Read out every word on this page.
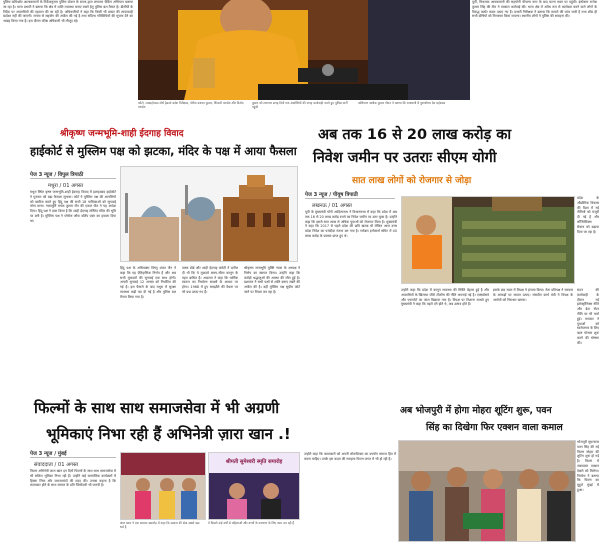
पुलिस कमिश्नरेट आलाकमानों के निर्देशानुसार पुलिस स्टेशन के स्टाफ द्वारा लगातार चेकिंग अभियान चलाया जा रहा है। थाना प्रभारी ने बताया कि क्षेत्र में शांति व्यवस्था बनाए रखने हेतु पुलिस बल तैनात है। डीसीपी के निर्देश पर अपराधियों की पहचान की जा रही है। अधिकारियों ने कहा कि किसी भी प्रकार की लापरवाही बर्दाश्त नहीं की जाएगी। जनता से सहयोग की अपील की गई है तथा संदिग्ध गतिविधियों की सूचना देने का आग्रह किया गया है। इस दौरान वरिष्ठ अधिकारी भी मौजूद रहे।
फोटो, राममहोत्सव नोर्थ हेडवर्ट प्रदेश निरीक्षक, योगेश कश्यप कुमार, शिवानी पाण्डेय और विनोद पाण्डेय
कुमार को लगातार सत्रह दिनों तक आदोलियों की जगह कार्यवाही करते हुए पुलिस पार्टी पहुंची
कलियाण अलोक कुमार गोपन ने बताया कि राजधानी में पुरूषोत्तम देव महोत्सव
पूर्वी, मिथलाव आयकमानों की सहयोगी पीपल्स वगर के बाद घटना स्थल पर पहुंची। इंस्पेक्टर राजेश कुमार सिंह की टीम ने तत्काल कार्रवाई की। थाना क्षेत्र में अवैध रूप से कारोबार करने वाले लोगों के विरुद्ध कठोर कदम उठाए गए हैं। प्रभारी निरीक्षक ने बताया कि मामले की जांच जारी है तथा शीघ्र ही सभी दोषियों को गिरफ्तार किया जाएगा। स्थानीय लोगों ने पुलिस की सराहना की।
श्रीकृष्ण जन्मभूमि-शाही ईदगाह विवाद
हाईकोर्ट से मुस्लिम पक्ष को झटका, मंदिर के पक्ष में आया फैसला
पेज 3 न्यूज / विपुल त्रिपाठी
मथुरा / 01 अगस्त
मथुरा स्थित कृष्ण जन्मभूमि-शाही ईदगाह विवाद में इलाहाबाद हाईकोर्ट ने गुरुवार को बड़ा फैसला सुनाया। कोर्ट ने मुस्लिम पक्ष की आपत्तियों को खारिज करते हुए हिंदू पक्ष की सभी 18 याचिकाओं को सुनवाई योग्य माना। न्यायमूर्ति मयंक कुमार जैन की एकल पीठ ने यह आदेश दिया। हिंदू पक्ष ने दावा किया है कि शाही ईदगाह मस्जिद मंदिर की भूमि पर बनी है। मुस्लिम पक्ष ने प्लेसेज ऑफ वर्शिप एक्ट का हवाला दिया था।
हिंदू पक्ष के अधिवक्ता विष्णु शंकर जैन ने कहा कि यह ऐतिहासिक निर्णय है और अब सभी मुकदमों की सुनवाई एक साथ होगी। अगली सुनवाई 12 अगस्त को निर्धारित की गई है। इस फैसले के बाद मथुरा में सुरक्षा व्यवस्था कड़ी कर दी गई है और पुलिस बल तैनात किया गया है।
वक्फ बोर्ड और शाही ईदगाह कमेटी ने दलील दी थी कि ये मुकदमे समय-सीमा कानून के तहत बाधित हैं। अदालत ने कहा कि धार्मिक स्वरूप का निर्धारण साक्ष्यों के आधार पर होगा। 1968 में हुए समझौते की वैधता पर भी प्रश्न उठाए गए हैं।
श्रीकृष्ण जन्मभूमि मुक्ति न्यास के अध्यक्ष ने निर्णय का स्वागत किया। उन्होंने कहा कि करोड़ों श्रद्धालुओं की आस्था की जीत हुई है। प्रशासन ने सभी पक्षों से शांति बनाए रखने की अपील की है। वहीं मुस्लिम पक्ष सुप्रीम कोर्ट जाने पर विचार कर रहा है।
अब तक 16 से 20 लाख करोड़ का
निवेश जमीन पर उतराः सीएम योगी
सात लाख लोगों को रोजगार से जोड़ा
पेज 3 न्यूज / पीयूष त्रिपाठी
लखनऊ / 01 अगस्त
यूपी के मुख्यमंत्री योगी आदित्यनाथ ने विधानसभा में कहा कि प्रदेश में अब तक 16 से 20 लाख करोड़ रुपये का निवेश जमीन पर उतर चुका है। उन्होंने कहा कि इससे सात लाख से अधिक युवाओं को रोजगार मिला है। मुख्यमंत्री ने कहा कि 2017 से पहले प्रदेश की छवि खराब थी लेकिन आज उत्तर प्रदेश निवेश का पसंदीदा गंतव्य बन गया है। ग्लोबल इन्वेस्टर्स समिट में 40 लाख करोड़ के प्रस्ताव प्राप्त हुए थे।
उन्होंने कहा कि प्रदेश में कानून व्यवस्था की स्थिति बेहतर हुई है और अपराधियों के खिलाफ जीरो टॉलरेंस की नीति अपनाई गई है। एक्सप्रेसवे और एयरपोर्ट का जाल बिछाया गया है। विपक्ष पर निशाना साधते हुए मुख्यमंत्री ने कहा कि पहले दंगे होते थे, अब उत्सव होते हैं।
इसके बाद सदन में विपक्ष ने हंगामा किया। नेता प्रतिपक्ष ने सरकार के आंकड़ों पर सवाल उठाए। संसदीय कार्य मंत्री ने विपक्ष के आरोपों को निराधार बताया।
प्रदेश के औद्योगिक विकास की दिशा में नई नीतियों को मंजूरी दी गई है और लॉजिस्टिक्स सेक्टर को बढ़ावा दिया जा रहा है।
सदन की कार्यवाही के दौरान नई इलेक्ट्रॉनिक्स नीति और डेटा सेंटर नीति पर भी चर्चा हुई। सरकार ने युवाओं को स्वरोजगार के लिए ऋण योजना शुरू करने की घोषणा की।
फिल्मों के साथ साथ समाजसेवा में भी अग्रणी
भूमिकाएं निभा रही हैं अभिनेत्री ज़ारा खान .!
पेज 3 न्यूज / मुंबई
संवाददाता / 01 अगस्त
फिल्म अभिनेत्री ज़ारा खान इन दिनों फिल्मों के साथ साथ समाजसेवा में भी सक्रिय भूमिका निभा रही हैं। उन्होंने कई सामाजिक कार्यक्रमों में हिस्सा लिया और जरूरतमंदों की मदद की। उनका कहना है कि कलाकार होने के साथ समाज के प्रति जिम्मेदारी भी जरूरी है।
श्रीमती सुमेश्वरी स्मृति समारोह
ज़ारा खान ने एक सम्मान समारोह में कहा कि समाज की सेवा सबसे बड़ा धर्म है
वे पिछले कई वर्षों से महिलाओं और बच्चों के कल्याण के लिए काम कर रही हैं
उन्होंने कहा कि कलाकारों को अपनी लोकप्रियता का उपयोग समाज हित में करना चाहिए। उनके इस कदम की सराहना फिल्म जगत में भी हो रही है।
अब भोजपुरी में होगा मोहरा शूटिंग शुरू, पवन
सिंह का दिखेगा फिर एक्शन वाला कमाल
भोजपुरी सुपरस्टार पवन सिंह की नई फिल्म मोहरा की शूटिंग शुरू हो गई है। फिल्म में जबरदस्त एक्शन देखने को मिलेगा। निर्माता ने बताया कि फिल्म का मुहूर्त मुंबई में हुआ।
